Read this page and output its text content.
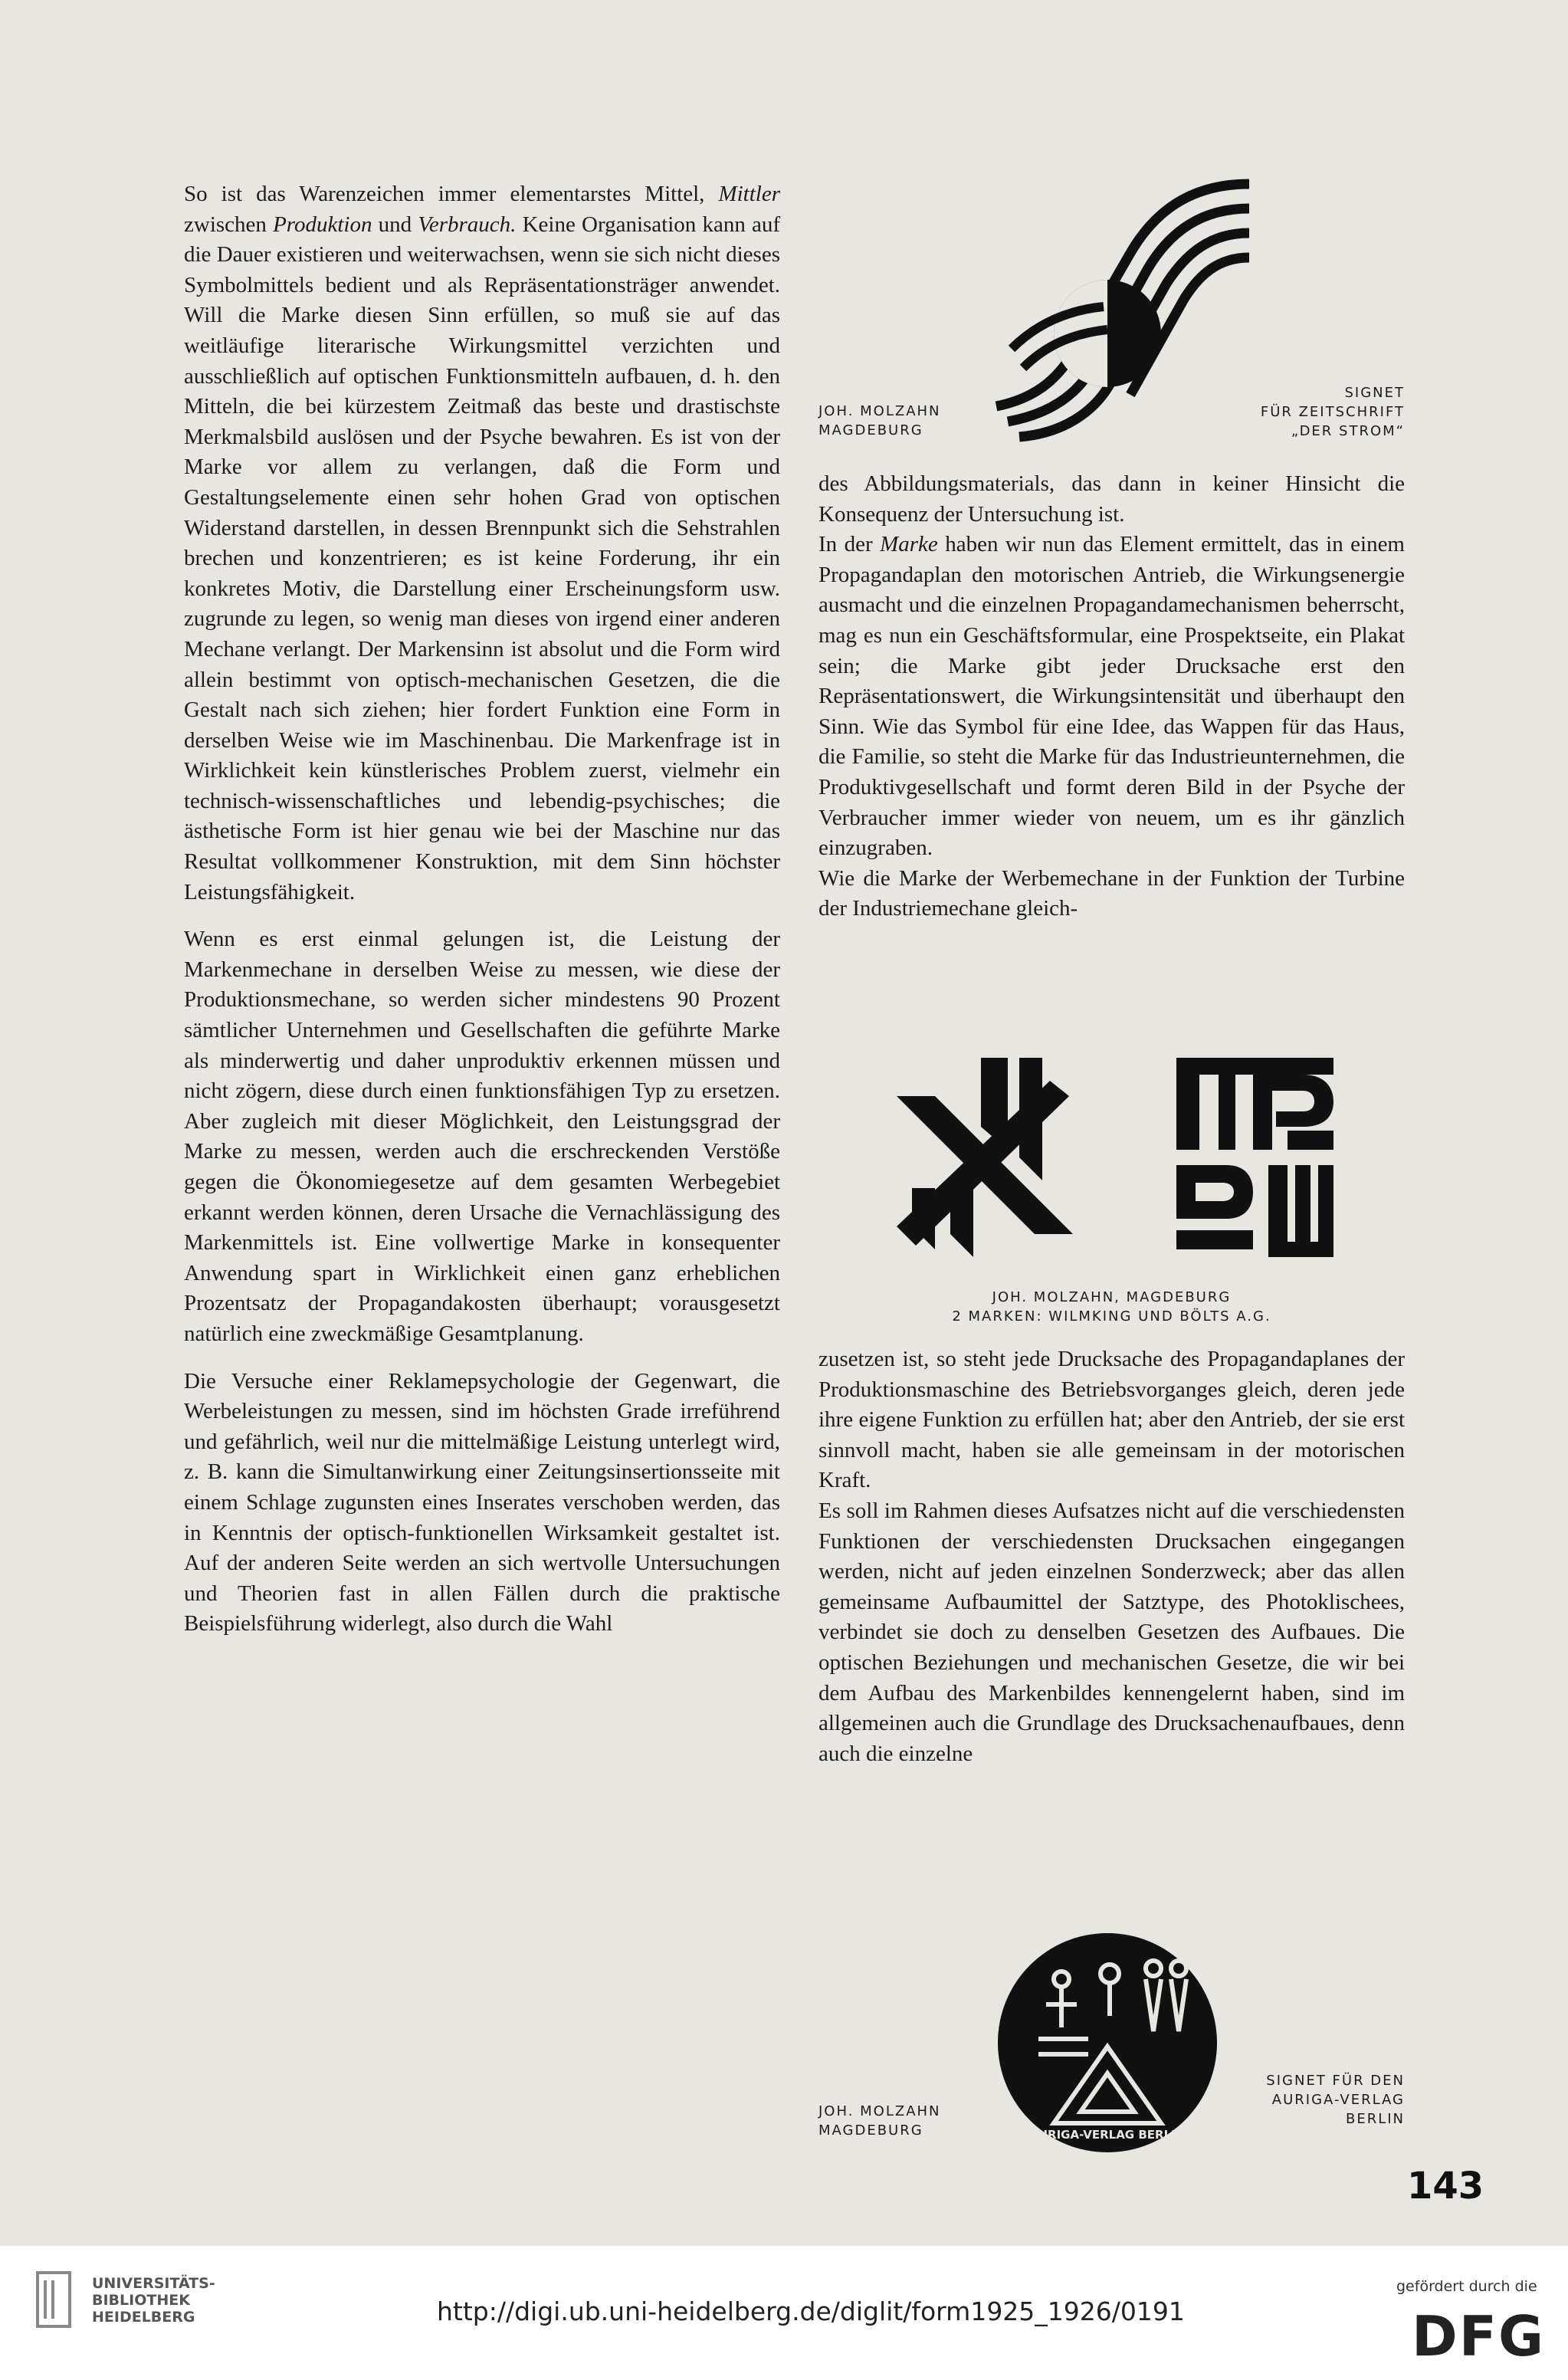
So ist das Warenzeichen immer elementarstes Mittel, Mittler zwischen Produktion und Verbrauch. Keine Organisation kann auf die Dauer existieren und weiterwachsen, wenn sie sich nicht dieses Symbolmittels bedient und als Repräsentationsträger anwendet. Will die Marke diesen Sinn erfüllen, so muß sie auf das weitläufige literarische Wirkungsmittel verzichten und ausschließlich auf optischen Funktionsmitteln aufbauen, d. h. den Mitteln, die bei kürzestem Zeitmaß das beste und drastischste Merkmalsbild auslösen und der Psyche bewahren. Es ist von der Marke vor allem zu verlangen, daß die Form und Gestaltungselemente einen sehr hohen Grad von optischen Widerstand darstellen, in dessen Brennpunkt sich die Sehstrahlen brechen und konzentrieren; es ist keine Forderung, ihr ein konkretes Motiv, die Darstellung einer Erscheinungsform usw. zugrunde zu legen, so wenig man dieses von irgend einer anderen Mechane verlangt. Der Markensinn ist absolut und die Form wird allein bestimmt von optisch-mechanischen Gesetzen, die die Gestalt nach sich ziehen; hier fordert Funktion eine Form in derselben Weise wie im Maschinenbau. Die Markenfrage ist in Wirklichkeit kein künstlerisches Problem zuerst, vielmehr ein technisch-wissenschaftliches und lebendig-psychisches; die ästhetische Form ist hier genau wie bei der Maschine nur das Resultat vollkommener Konstruktion, mit dem Sinn höchster Leistungsfähigkeit.

Wenn es erst einmal gelungen ist, die Leistung der Markenmechane in derselben Weise zu messen, wie diese der Produktionsmechane, so werden sicher mindestens 90 Prozent sämtlicher Unternehmen und Gesellschaften die geführte Marke als minderwertig und daher unproduktiv erkennen müssen und nicht zögern, diese durch einen funktionsfähigen Typ zu ersetzen. Aber zugleich mit dieser Möglichkeit, den Leistungsgrad der Marke zu messen, werden auch die erschreckenden Verstöße gegen die Ökonomiegesetze auf dem gesamten Werbegebiet erkannt werden können, deren Ursache die Vernachlässigung des Markenmittels ist. Eine vollwertige Marke in konsequenter Anwendung spart in Wirklichkeit einen ganz erheblichen Prozentsatz der Propagandakosten überhaupt; vorausgesetzt natürlich eine zweckmäßige Gesamtplanung.

Die Versuche einer Reklamepsychologie der Gegenwart, die Werbeleistungen zu messen, sind im höchsten Grade irreführend und gefährlich, weil nur die mittelmäßige Leistung unterlegt wird, z. B. kann die Simultanwirkung einer Zeitungsinsertionsseite mit einem Schlage zugunsten eines Inserates verschoben werden, das in Kenntnis der optisch-funktionellen Wirksamkeit gestaltet ist. Auf der anderen Seite werden an sich wertvolle Untersuchungen und Theorien fast in allen Fällen durch die praktische Beispielsführung widerlegt, also durch die Wahl

JOH. MOLZAHN
MAGDEBURG
SIGNET
FÜR ZEITSCHRIFT
„DER STROM“

des Abbildungsmaterials, das dann in keiner Hinsicht die Konsequenz der Untersuchung ist.

In der Marke haben wir nun das Element ermittelt, das in einem Propagandaplan den motorischen Antrieb, die Wirkungsenergie ausmacht und die einzelnen Propagandamechanismen beherrscht, mag es nun ein Geschäftsformular, eine Prospektseite, ein Plakat sein; die Marke gibt jeder Drucksache erst den Repräsentationswert, die Wirkungsintensität und überhaupt den Sinn. Wie das Symbol für eine Idee, das Wappen für das Haus, die Familie, so steht die Marke für das Industrieunternehmen, die Produktivgesellschaft und formt deren Bild in der Psyche der Verbraucher immer wieder von neuem, um es ihr gänzlich einzugraben.

Wie die Marke der Werbemechane in der Funktion der Turbine der Industriemechane gleich-

JOH. MOLZAHN, MAGDEBURG
2 MARKEN: WILMKING UND BÖLTS A.G.

zusetzen ist, so steht jede Drucksache des Propagandaplanes der Produktionsmaschine des Betriebsvorganges gleich, deren jede ihre eigene Funktion zu erfüllen hat; aber den Antrieb, der sie erst sinnvoll macht, haben sie alle gemeinsam in der motorischen Kraft.

Es soll im Rahmen dieses Aufsatzes nicht auf die verschiedensten Funktionen der verschiedensten Drucksachen eingegangen werden, nicht auf jeden einzelnen Sonderzweck; aber das allen gemeinsame Aufbaumittel der Satztype, des Photoklischees, verbindet sie doch zu denselben Gesetzen des Aufbaues. Die optischen Beziehungen und mechanischen Gesetze, die wir bei dem Aufbau des Markenbildes kennengelernt haben, sind im allgemeinen auch die Grundlage des Drucksachenaufbaues, denn auch die einzelne

AURIGA-VERLAG BERLIN
JOH. MOLZAHN
MAGDEBURG
SIGNET FÜR DEN
AURIGA-VERLAG
BERLIN
143
UNIVERSITÄTS-
BIBLIOTHEK
HEIDELBERG	http://digi.ub.uni-heidelberg.de/diglit/form1925_1926/0191
gefördert durch die
DFG
